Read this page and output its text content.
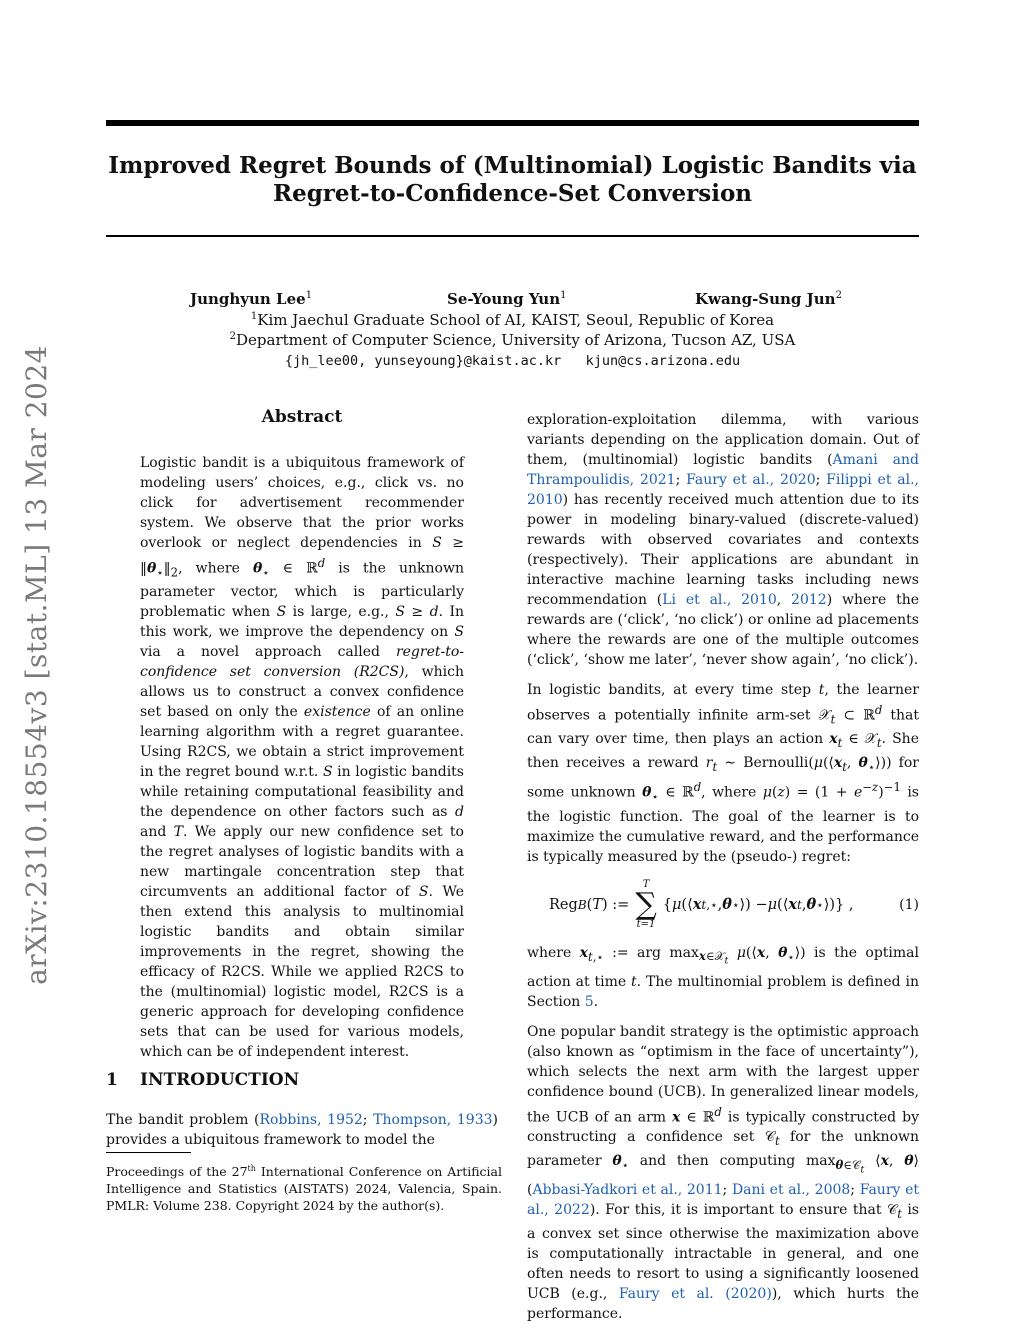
arXiv:2310.18554v3 [stat.ML] 13 Mar 2024
Improved Regret Bounds of (Multinomial) Logistic Bandits via
Regret-to-Confidence-Set Conversion
Junghyun Lee$^1$	Se-Young Yun$^1$	Kwang-Sung Jun$^2$
$^1$Kim Jaechul Graduate School of AI, KAIST, Seoul, Republic of Korea
$^2$Department of Computer Science, University of Arizona, Tucson AZ, USA
{jh_lee00, yunseyoung}@kaist.ac.kr   kjun@cs.arizona.edu
Abstract
Logistic bandit is a ubiquitous framework of modeling users’ choices, e.g., click vs. no click for advertisement recommender system. We observe that the prior works overlook or neglect dependencies in $S \ge ‖\theta_⋆‖_2$, where $\theta_⋆$ ∈ ℝ$^d$ is the unknown parameter vector, which is particularly problematic when S is large, e.g., S ≥ d. In this work, we improve the dependency on S via a novel approach called regret-to-confidence set conversion (R2CS), which allows us to construct a convex confidence set based on only the existence of an online learning algorithm with a regret guarantee. Using R2CS, we obtain a strict improvement in the regret bound w.r.t. S in logistic bandits while retaining computational feasibility and the dependence on other factors such as d and T. We apply our new confidence set to the regret analyses of logistic bandits with a new martingale concentration step that circumvents an additional factor of S. We then extend this analysis to multinomial logistic bandits and obtain similar improvements in the regret, showing the efficacy of R2CS. While we applied R2CS to the (multinomial) logistic model, R2CS is a generic approach for developing confidence sets that can be used for various models, which can be of independent interest.
1 INTRODUCTION
The bandit problem (Robbins, 1952; Thompson, 1933) provides a ubiquitous framework to model the
Proceedings of the 27th International Conference on Artificial Intelligence and Statistics (AISTATS) 2024, Valencia, Spain. PMLR: Volume 238. Copyright 2024 by the author(s).

exploration-exploitation dilemma, with various variants depending on the application domain. Out of them, (multinomial) logistic bandits (Amani and Thrampoulidis, 2021; Faury et al., 2020; Filippi et al., 2010) has recently received much attention due to its power in modeling binary-valued (discrete-valued) rewards with observed covariates and contexts (respectively). Their applications are abundant in interactive machine learning tasks including news recommendation (Li et al., 2010, 2012) where the rewards are (‘click’, ‘no click’) or online ad placements where the rewards are one of the multiple outcomes (‘click’, ‘show me later’, ‘never show again’, ‘no click’).

In logistic bandits, at every time step t, the learner observes a potentially infinite arm-set 𝒳$_t$ ⊂ ℝ$^d$ that can vary over time, then plays an action $x_t$ ∈ 𝒳$_t$. She then receives a reward $r_t$ ∼ $Bernoulli(\mu(⟨x_t$, $\theta_⋆⟩$)) for some unknown $\theta_⋆$ ∈ ℝ$^d$, where $\mu(z) = (1 + e^{-z})^{-1}$ is the logistic function. The goal of the learner is to maximize the cumulative reward, and the performance is typically measured by the (pseudo-) regret:

Reg B ( T ) :=
T
∑
t=1
{ μ (⟨ x t,⋆ , θ ⋆ ⟩) − μ (⟨ x t , θ ⋆ ⟩)} ,	(1)

where $x_{t,⋆}$ := arg $\max_{x\in 𝒳_t}$ μ(⟨x, $\theta_⋆⟩$) is the optimal action at time t. The multinomial problem is defined in Section 5.

One popular bandit strategy is the optimistic approach (also known as “optimism in the face of uncertainty”), which selects the next arm with the largest upper confidence bound (UCB). In generalized linear models, the UCB of an arm x ∈ ℝ$^d$ is typically constructed by constructing a confidence set 𝒞$_t$ for the unknown parameter $\theta_⋆$ and then computing $\max_{\theta\in 𝒞_t}$ ⟨x, θ⟩ (Abbasi-Yadkori et al., 2011; Dani et al., 2008; Faury et al., 2022). For this, it is important to ensure that 𝒞$_t$ is a convex set since otherwise the maximization above is computationally intractable in general, and one often needs to resort to using a significantly loosened UCB (e.g., Faury et al. (2020)), which hurts the performance.
